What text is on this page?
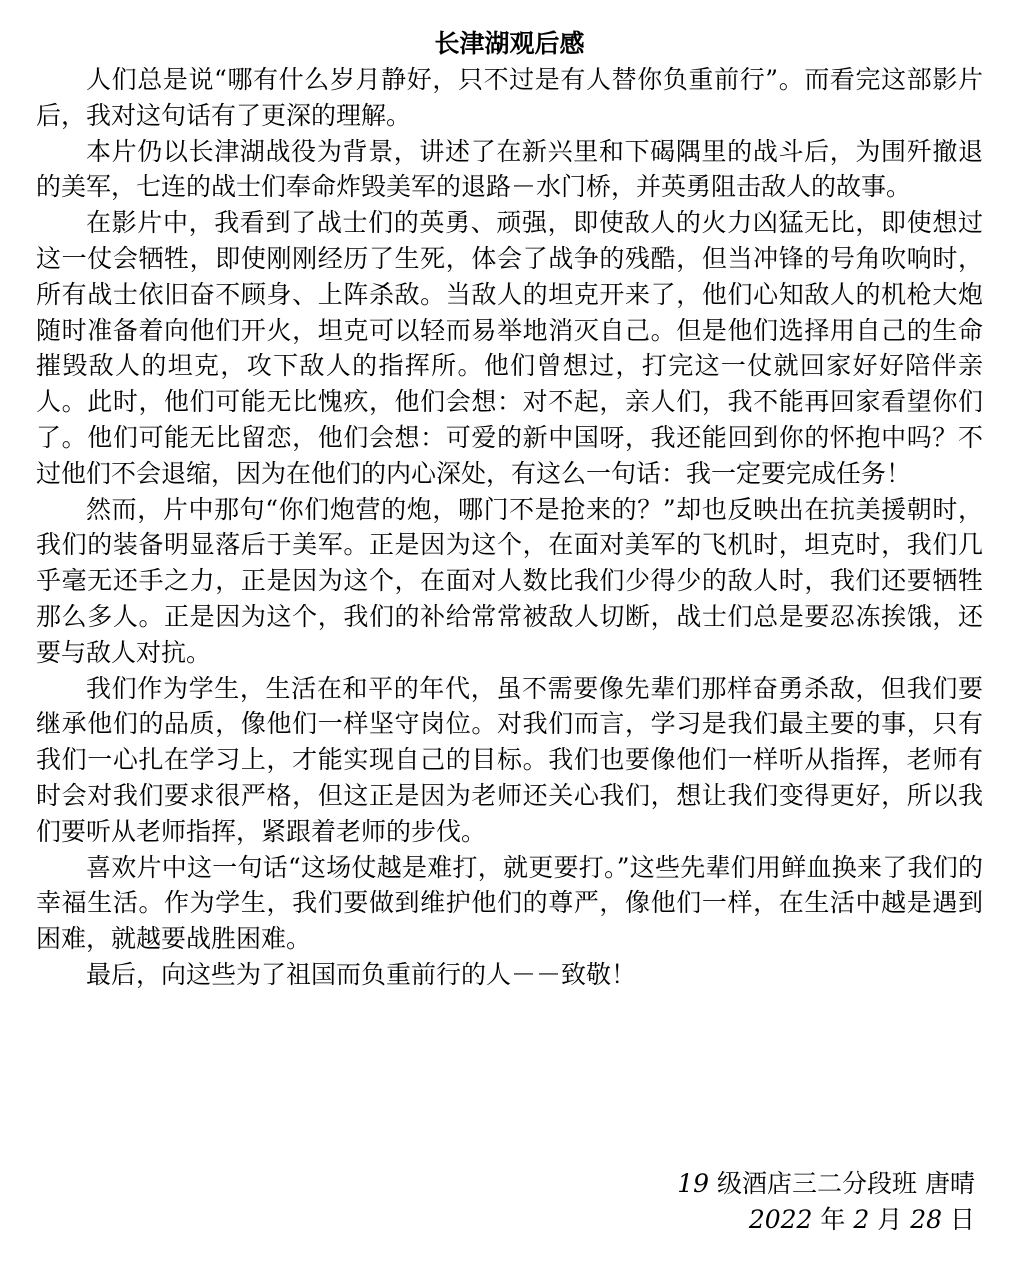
长津湖观后感

人们总是说“哪有什么岁月静好，只不过是有人替你负重前行”。而看完这部影片后，我对这句话有了更深的理解。

本片仍以长津湖战役为背景，讲述了在新兴里和下碣隅里的战斗后，为围歼撤退的美军，七连的战士们奉命炸毁美军的退路－水门桥，并英勇阻击敌人的故事。

在影片中，我看到了战士们的英勇、顽强，即使敌人的火力凶猛无比，即使想过这一仗会牺牲，即使刚刚经历了生死，体会了战争的残酷，但当冲锋的号角吹响时，所有战士依旧奋不顾身、上阵杀敌。当敌人的坦克开来了，他们心知敌人的机枪大炮随时准备着向他们开火，坦克可以轻而易举地消灭自己。但是他们选择用自己的生命摧毁敌人的坦克，攻下敌人的指挥所。他们曾想过，打完这一仗就回家好好陪伴亲人。此时，他们可能无比愧疚，他们会想：对不起，亲人们，我不能再回家看望你们了。他们可能无比留恋，他们会想：可爱的新中国呀，我还能回到你的怀抱中吗？不过他们不会退缩，因为在他们的内心深处，有这么一句话：我一定要完成任务！

然而，片中那句“你们炮营的炮，哪门不是抢来的？”却也反映出在抗美援朝时，我们的装备明显落后于美军。正是因为这个，在面对美军的飞机时，坦克时，我们几乎毫无还手之力，正是因为这个，在面对人数比我们少得少的敌人时，我们还要牺牲那么多人。正是因为这个，我们的补给常常被敌人切断，战士们总是要忍冻挨饿，还要与敌人对抗。

我们作为学生，生活在和平的年代，虽不需要像先辈们那样奋勇杀敌，但我们要继承他们的品质，像他们一样坚守岗位。对我们而言，学习是我们最主要的事，只有我们一心扎在学习上，才能实现自己的目标。我们也要像他们一样听从指挥，老师有时会对我们要求很严格，但这正是因为老师还关心我们，想让我们变得更好，所以我们要听从老师指挥，紧跟着老师的步伐。

喜欢片中这一句话“这场仗越是难打，就更要打。”这些先辈们用鲜血换来了我们的幸福生活。作为学生，我们要做到维护他们的尊严，像他们一样，在生活中越是遇到困难，就越要战胜困难。

最后，向这些为了祖国而负重前行的人－－致敬！

19 级酒店三二分段班 唐晴
2022 年 2 月 28 日
